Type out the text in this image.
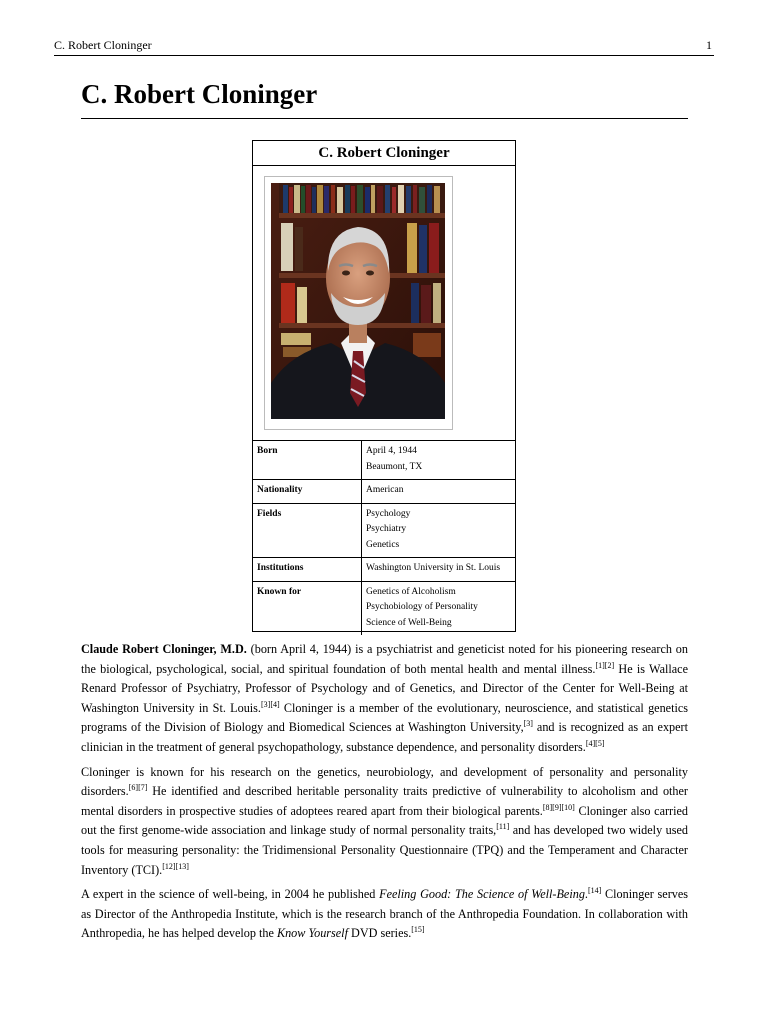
C. Robert Cloninger	1
C. Robert Cloninger
C. Robert Cloninger
Born	April 4, 1944
Beaumont, TX

Nationality	American

Fields	Psychology
Psychiatry
Genetics

Institutions	Washington University in St. Louis

Known for	Genetics of Alcoholism
Psychobiology of Personality
Science of Well-Being

Claude Robert Cloninger, M.D. (born April 4, 1944) is a psychiatrist and geneticist noted for his pioneering research on the biological, psychological, social, and spiritual foundation of both mental health and mental illness.[1][2] He is Wallace Renard Professor of Psychiatry, Professor of Psychology and of Genetics, and Director of the Center for Well-Being at Washington University in St. Louis.[3][4] Cloninger is a member of the evolutionary, neuroscience, and statistical genetics programs of the Division of Biology and Biomedical Sciences at Washington University,[3] and is recognized as an expert clinician in the treatment of general psychopathology, substance dependence, and personality disorders.[4][5]

Cloninger is known for his research on the genetics, neurobiology, and development of personality and personality disorders.[6][7] He identified and described heritable personality traits predictive of vulnerability to alcoholism and other mental disorders in prospective studies of adoptees reared apart from their biological parents.[8][9][10] Cloninger also carried out the first genome-wide association and linkage study of normal personality traits,[11] and has developed two widely used tools for measuring personality: the Tridimensional Personality Questionnaire (TPQ) and the Temperament and Character Inventory (TCI).[12][13]

A expert in the science of well-being, in 2004 he published Feeling Good: The Science of Well-Being.[14] Cloninger serves as Director of the Anthropedia Institute, which is the research branch of the Anthropedia Foundation. In collaboration with Anthropedia, he has helped develop the Know Yourself DVD series.[15]
